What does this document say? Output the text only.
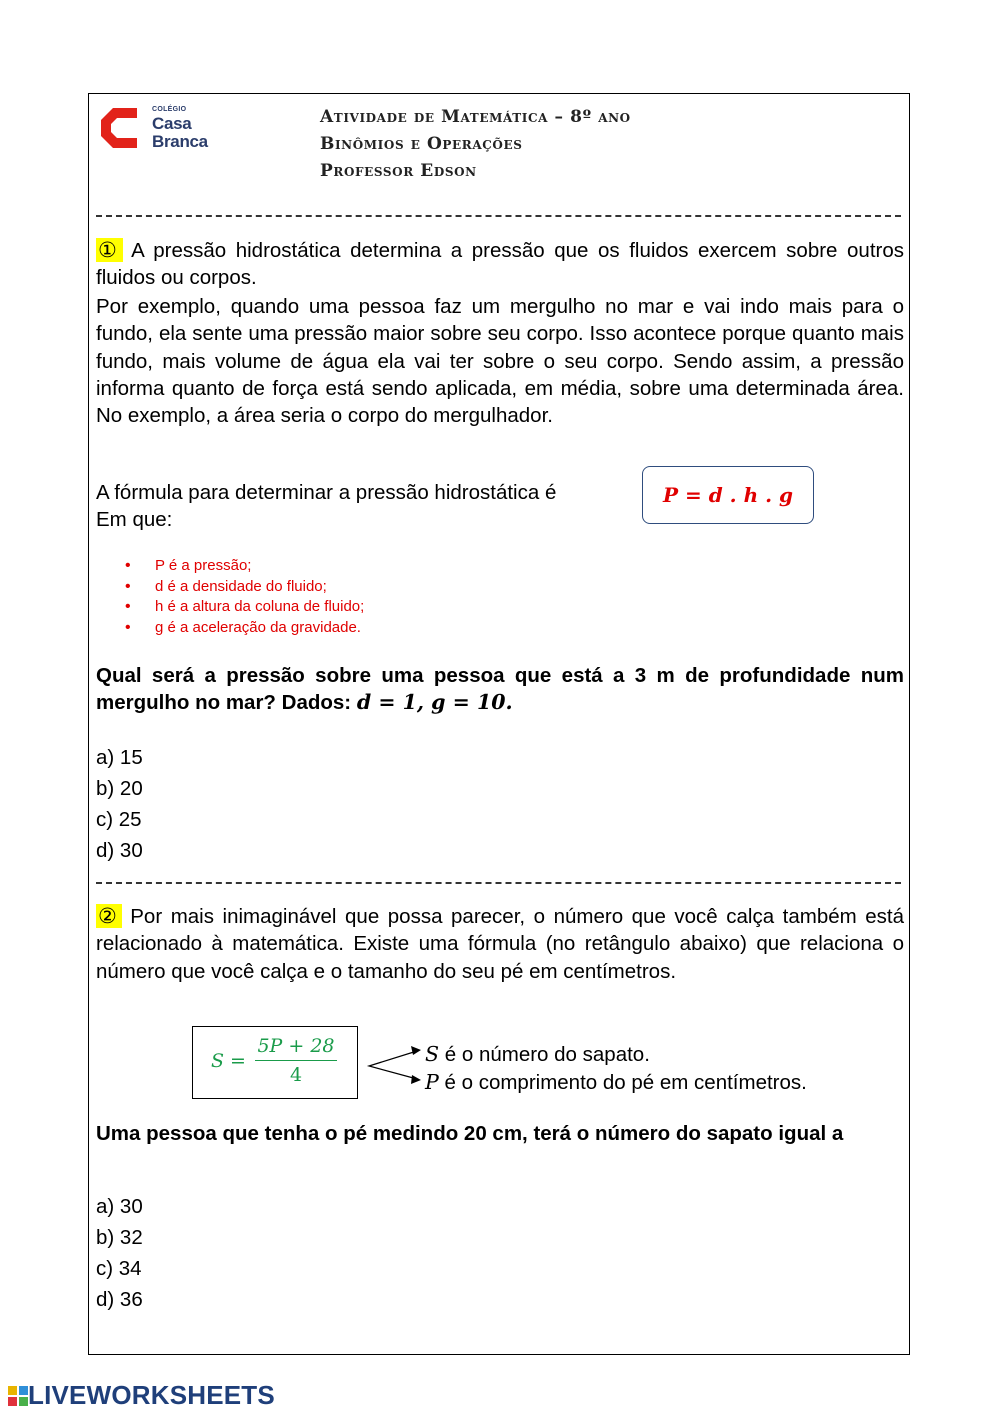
COLÉGIO
Casa
Branca
Atividade de Matemática – 8º ano
Binômios e Operações
Professor Edson
① A pressão hidrostática determina a pressão que os fluidos exercem sobre outros fluidos ou corpos.
Por exemplo, quando uma pessoa faz um mergulho no mar e vai indo mais para o fundo, ela sente uma pressão maior sobre seu corpo. Isso acontece porque quanto mais fundo, mais volume de água ela vai ter sobre o seu corpo. Sendo assim, a pressão informa quanto de força está sendo aplicada, em média, sobre uma determinada área. No exemplo, a área seria o corpo do mergulhador.
A fórmula para determinar a pressão hidrostática é
Em que:
P = d . h . g
• P é a pressão;
• d é a densidade do fluido;
• h é a altura da coluna de fluido;
• g é a aceleração da gravidade.
Qual será a pressão sobre uma pessoa que está a 3 m de profundidade num mergulho no mar? Dados: d = 1, g = 10.
a) 15
b) 20
c) 25
d) 30
② Por mais inimaginável que possa parecer, o número que você calça também está relacionado à matemática. Existe uma fórmula (no retângulo abaixo) que relaciona o número que você calça e o tamanho do seu pé em centímetros.
S =
5P + 28
4
S é o número do sapato.
P é o comprimento do pé em centímetros.
Uma pessoa que tenha o pé medindo 20 cm, terá o número do sapato igual a
a) 30
b) 32
c) 34
d) 36
LIVEWORKSHEETS
